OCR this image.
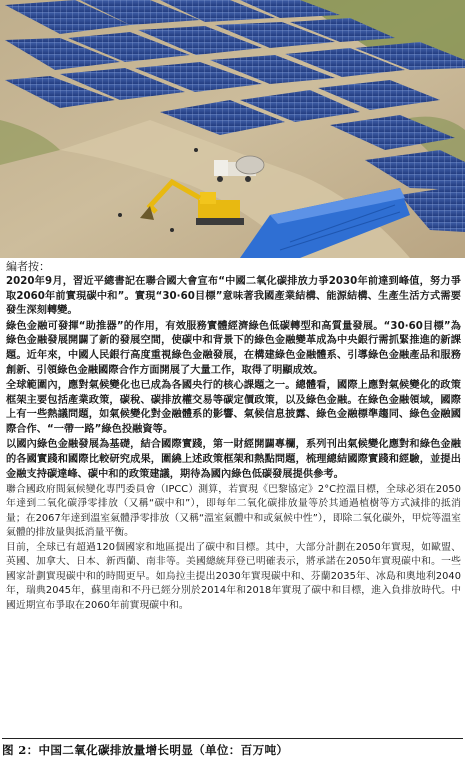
編者按：

2020年9月，習近平總書記在聯合國大會宣布“中國二氧化碳排放力爭2030年前達到峰值，努力爭取2060年前實現碳中和”。實現“30·60目標”意味著我國產業結構、能源結構、生產生活方式需要發生深刻轉變。

綠色金融可發揮“助推器”的作用，有效服務實體經濟綠色低碳轉型和高質量發展。“30·60目標”為綠色金融發展開闢了新的發展空間，使碳中和背景下的綠色金融變革成為中央銀行需抓緊推進的新課題。近年來，中國人民銀行高度重視綠色金融發展，在構建綠色金融體系、引導綠色金融產品和服務創新、引領綠色金融國際合作方面開展了大量工作，取得了明顯成效。

全球範圍內，應對氣候變化也已成為各國央行的核心課題之一。總體看，國際上應對氣候變化的政策框架主要包括產業政策，碳稅、碳排放權交易等碳定價政策，以及綠色金融。在綠色金融領域，國際上有一些熱議問題，如氣候變化對金融體系的影響、氣候信息披露、綠色金融標準趨同、綠色金融國際合作、“一帶一路”綠色投融資等。

以國內綠色金融發展為基礎，結合國際實踐，第一財經開闢專欄，系列刊出氣候變化應對和綠色金融的各國實踐和國際比較研究成果，圍繞上述政策框架和熱點問題，梳理總結國際實踐和經驗，並提出金融支持碳達峰、碳中和的政策建議，期待為國內綠色低碳發展提供參考。

聯合國政府間氣候變化專門委員會（IPCC）測算，若實現《巴黎協定》2°C控溫目標，全球必須在2050年達到二氧化碳淨零排放（又稱“碳中和”），即每年二氧化碳排放量等於其通過植樹等方式減排的抵消量；在2067年達到溫室氣體淨零排放（又稱“溫室氣體中和或氣候中性”），即除二氧化碳外，甲烷等溫室氣體的排放量與抵消量平衡。

目前，全球已有超過120個國家和地區提出了碳中和目標。其中，大部分計劃在2050年實現，如歐盟、英國、加拿大、日本、新西蘭、南非等。美國總統拜登已明確表示，將承諾在2050年實現碳中和。一些國家計劃實現碳中和的時間更早。如烏拉圭提出2030年實現碳中和、芬蘭2035年、冰島和奧地利2040年，瑞典2045年，蘇里南和不丹已經分別於2014年和2018年實現了碳中和目標，進入負排放時代。中國近期宣布爭取在2060年前實現碳中和。

图 2：中国二氧化碳排放量增长明显（单位：百万吨）
